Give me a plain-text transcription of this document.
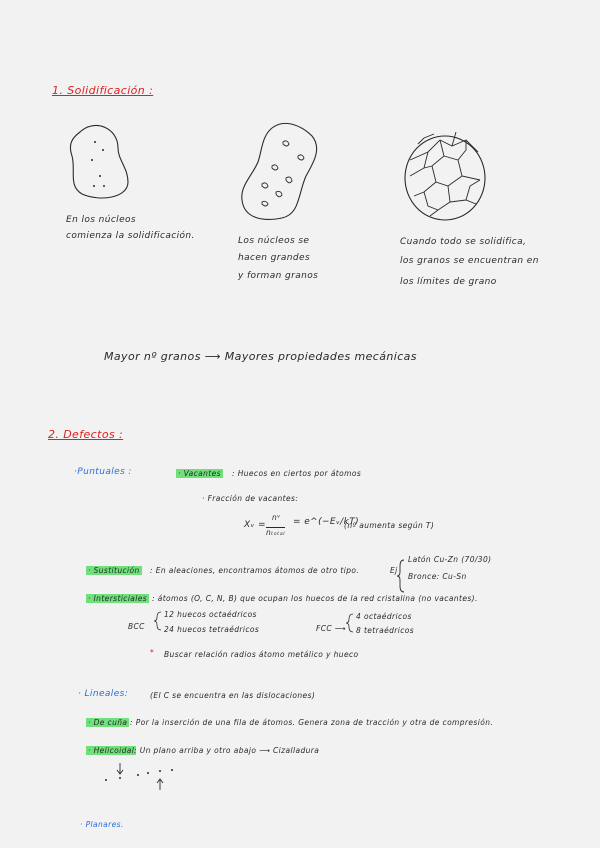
1. Solidificación :
En los núcleos
comienza la solidificación.	Los núcleos se
hacen grandes
y forman granos
Cuando todo se solidifica,
los granos se encuentran en
los límites de grano
Mayor nº granos ⟶ Mayores propiedades mecánicas
2. Defectos :
·Puntuales :	· Vacantes : Huecos en ciertos por átomos
· Fracción de vacantes:
Xᵥ =
nᵛ
nₜₒₜₐₗ
= e^(−Eᵥ/kT)
(nº aumenta según T)
· Sustitución : En aleaciones, encontramos átomos de otro tipo.	Ej
Latón Cu-Zn (70/30)
Bronce: Cu-Sn
· Intersticiales : átomos (O, C, N, B) que ocupan los huecos de la red cristalina (no vacantes).
BCC
12 huecos octaédricos
24 huecos tetraédricos	FCC ⟶
4 octaédricos
8 tetraédricos
* Buscar relación radios átomo metálico y hueco
· Lineales:	(El C se encuentra en las dislocaciones)
· De cuña : Por la inserción de una fila de átomos. Genera zona de tracción y otra de compresión.
· Helicoidal : Un plano arriba y otro abajo ⟶ Cizalladura
· Planares.
